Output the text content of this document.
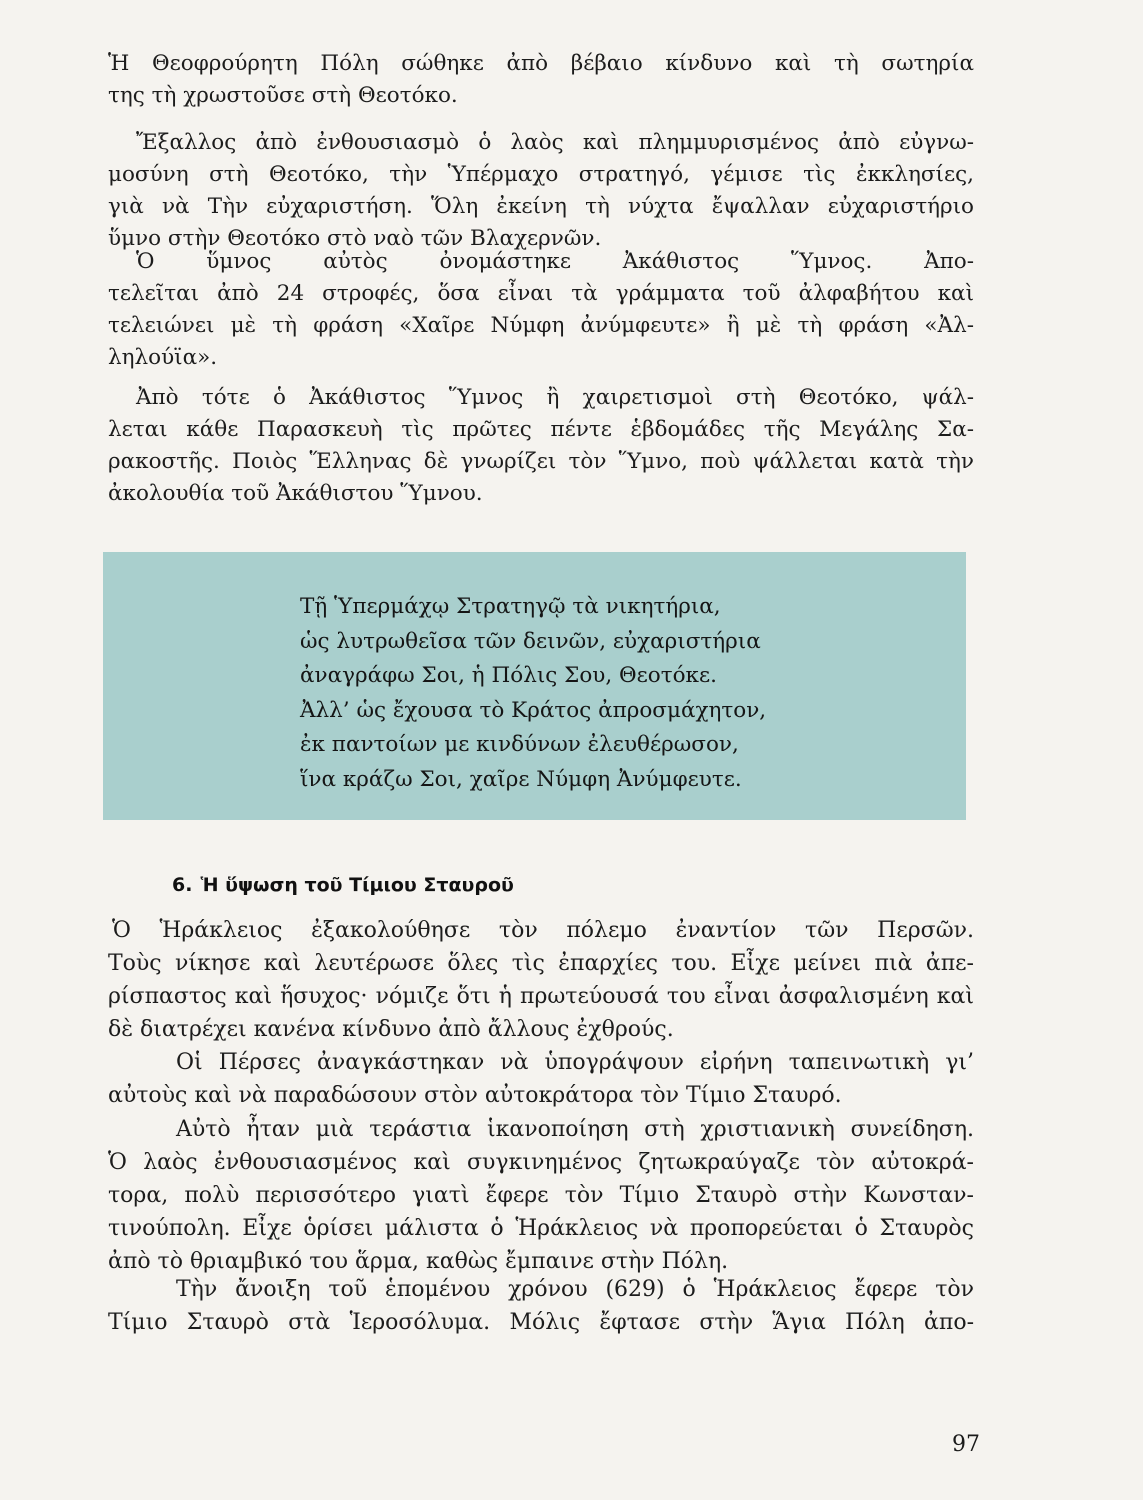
Ἡ Θεοφρούρητη Πόλη σώθηκε ἀπὸ βέβαιο κίνδυνο καὶ τὴ σωτηρία
της τὴ χρωστοῦσε στὴ Θεοτόκο.
Ἔξαλλος ἀπὸ ἐνθουσιασμὸ ὁ λαὸς καὶ πλημμυρισμένος ἀπὸ εὐγνω-
μοσύνη στὴ Θεοτόκο, τὴν Ὑπέρμαχο στρατηγό, γέμισε τὶς ἐκκλησίες,
γιὰ νὰ Τὴν εὐχαριστήση. Ὅλη ἐκείνη τὴ νύχτα ἔψαλλαν εὐχαριστήριο
ὕμνο στὴν Θεοτόκο στὸ ναὸ τῶν Βλαχερνῶν.
Ὁ ὕμνος αὐτὸς ὀνομάστηκε Ἀκάθιστος Ὕμνος. Ἀπο-
τελεῖται ἀπὸ 24 στροφές, ὅσα εἶναι τὰ γράμματα τοῦ ἀλφαβήτου καὶ
τελειώνει μὲ τὴ φράση «Χαῖρε Νύμφη ἀνύμφευτε» ἢ μὲ τὴ φράση «Ἀλ-
ληλούϊα».
Ἀπὸ τότε ὁ Ἀκάθιστος Ὕμνος ἢ χαιρετισμοὶ στὴ Θεοτόκο, ψάλ-
λεται κάθε Παρασκευὴ τὶς πρῶτες πέντε ἑβδομάδες τῆς Μεγάλης Σα-
ρακοστῆς. Ποιὸς Ἕλληνας δὲ γνωρίζει τὸν Ὕμνο, ποὺ ψάλλεται κατὰ τὴν
ἀκολουθία τοῦ Ἀκάθιστου Ὕμνου.
Τῇ Ὑπερμάχῳ Στρατηγῷ τὰ νικητήρια,
ὡς λυτρωθεῖσα τῶν δεινῶν, εὐχαριστήρια
ἀναγράφω Σοι, ἡ Πόλις Σου, Θεοτόκε.
Ἀλλ’ ὡς ἔχουσα τὸ Κράτος ἀπροσμάχητον,
ἐκ παντοίων με κινδύνων ἐλευθέρωσον,
ἵνα κράζω Σοι, χαῖρε Νύμφη Ἀνύμφευτε.
6. Ἡ ὕψωση τοῦ Τίμιου Σταυροῦ
Ὁ Ἡράκλειος ἐξακολούθησε τὸν πόλεμο ἐναντίον τῶν Περσῶν.
Τοὺς νίκησε καὶ λευτέρωσε ὅλες τὶς ἐπαρχίες του. Εἶχε μείνει πιὰ ἀπε-
ρίσπαστος καὶ ἥσυχος· νόμιζε ὅτι ἡ πρωτεύουσά του εἶναι ἀσφαλισμένη καὶ
δὲ διατρέχει κανένα κίνδυνο ἀπὸ ἄλλους ἐχθρούς.
Οἱ Πέρσες ἀναγκάστηκαν νὰ ὑπογράψουν εἰρήνη ταπεινωτικὴ γι’
αὐτοὺς καὶ νὰ παραδώσουν στὸν αὐτοκράτορα τὸν Τίμιο Σταυρό.
Αὐτὸ ἦταν μιὰ τεράστια ἱκανοποίηση στὴ χριστιανικὴ συνείδηση.
Ὁ λαὸς ἐνθουσιασμένος καὶ συγκινημένος ζητωκραύγαζε τὸν αὐτοκρά-
τορα, πολὺ περισσότερο γιατὶ ἔφερε τὸν Τίμιο Σταυρὸ στὴν Κωνσταν-
τινούπολη. Εἶχε ὁρίσει μάλιστα ὁ Ἡράκλειος νὰ προπορεύεται ὁ Σταυρὸς
ἀπὸ τὸ θριαμβικό του ἅρμα, καθὼς ἔμπαινε στὴν Πόλη.
Τὴν ἄνοιξη τοῦ ἑπομένου χρόνου (629) ὁ Ἡράκλειος ἔφερε τὸν
Τίμιο Σταυρὸ στὰ Ἱεροσόλυμα. Μόλις ἔφτασε στὴν Ἅγια Πόλη ἀπο-
97
